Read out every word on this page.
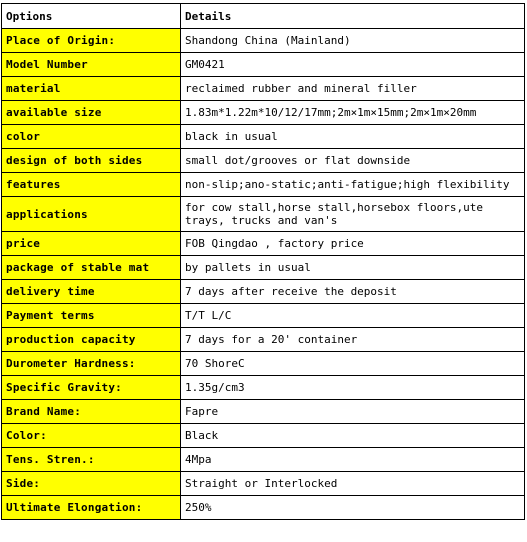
Options	Details
Place of Origin:	Shandong China (Mainland)
Model Number	GM0421
material	reclaimed rubber and mineral filler
available size	1.83m*1.22m*10/12/17mm;2m×1m×15mm;2m×1m×20mm
color	black in usual
design of both sides	small dot/grooves or flat downside
features	non-slip;ano-static;anti-fatigue;high flexibility
applications	for cow stall,horse stall,horsebox floors,ute trays, trucks and van's
price	FOB Qingdao , factory price
package of stable mat	by pallets in usual
delivery time	7 days after receive the deposit
Payment terms	T/T L/C
production capacity	7 days for a 20' container
Durometer Hardness:	70 ShoreC
Specific Gravity:	1.35g/cm3
Brand Name:	Fapre
Color:	Black
Tens. Stren.:	4Mpa
Side:	Straight or Interlocked
Ultimate Elongation:	250%
